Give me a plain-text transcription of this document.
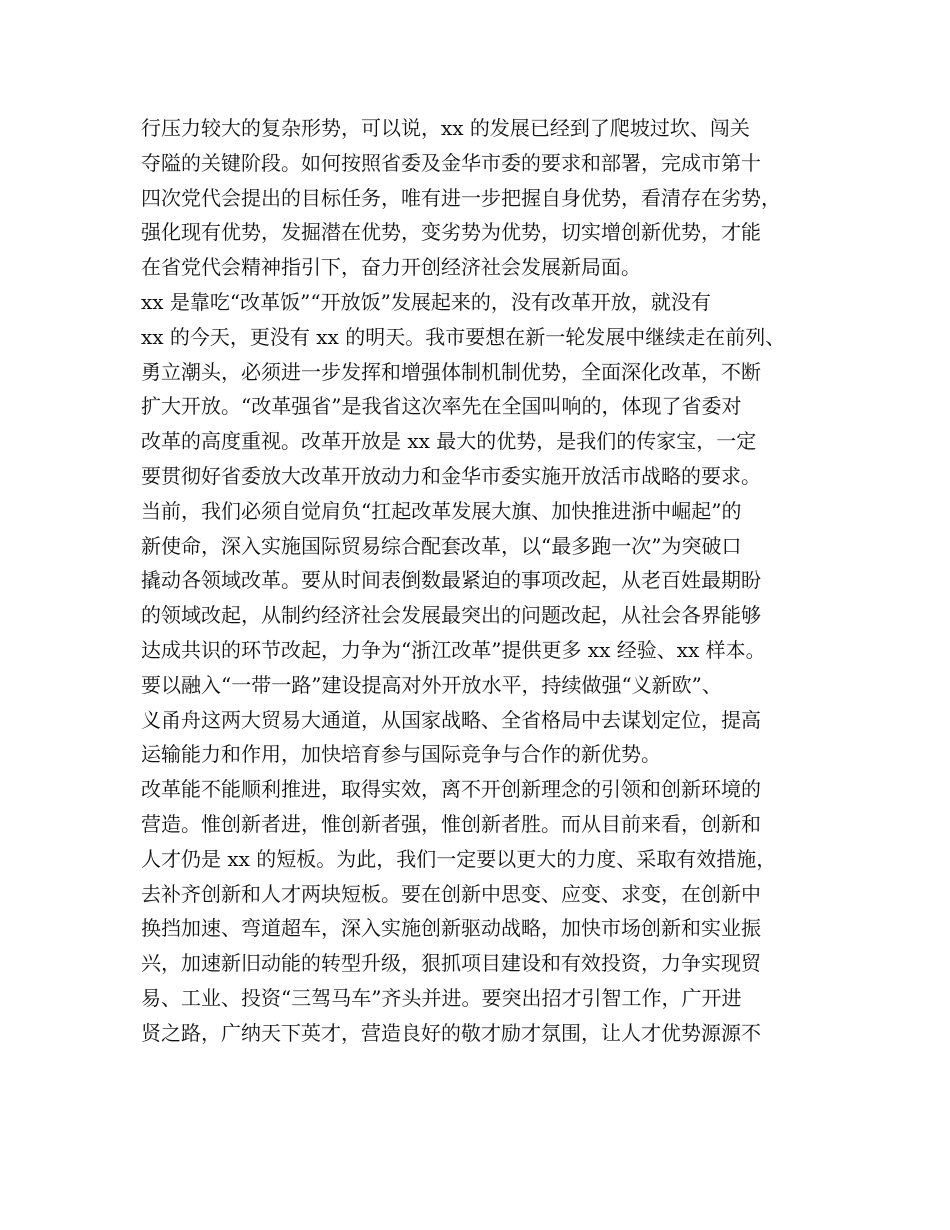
行压力较大的复杂形势，可以说，xx 的发展已经到了爬坡过坎、闯关
夺隘的关键阶段。如何按照省委及金华市委的要求和部署，完成市第十
四次党代会提出的目标任务，唯有进一步把握自身优势，看清存在劣势，
强化现有优势，发掘潜在优势，变劣势为优势，切实增创新优势，才能
在省党代会精神指引下，奋力开创经济社会发展新局面。
xx 是靠吃“改革饭”“开放饭”发展起来的，没有改革开放，就没有
xx 的今天，更没有 xx 的明天。我市要想在新一轮发展中继续走在前列、
勇立潮头，必须进一步发挥和增强体制机制优势，全面深化改革，不断
扩大开放。“改革强省”是我省这次率先在全国叫响的，体现了省委对
改革的高度重视。改革开放是 xx 最大的优势，是我们的传家宝，一定
要贯彻好省委放大改革开放动力和金华市委实施开放活市战略的要求。
当前，我们必须自觉肩负“扛起改革发展大旗、加快推进浙中崛起”的
新使命，深入实施国际贸易综合配套改革，以“最多跑一次”为突破口
撬动各领域改革。要从时间表倒数最紧迫的事项改起，从老百姓最期盼
的领域改起，从制约经济社会发展最突出的问题改起，从社会各界能够
达成共识的环节改起，力争为“浙江改革”提供更多 xx 经验、xx 样本。
要以融入“一带一路”建设提高对外开放水平，持续做强“义新欧”、
义甬舟这两大贸易大通道，从国家战略、全省格局中去谋划定位，提高
运输能力和作用，加快培育参与国际竞争与合作的新优势。
改革能不能顺利推进，取得实效，离不开创新理念的引领和创新环境的
营造。惟创新者进，惟创新者强，惟创新者胜。而从目前来看，创新和
人才仍是 xx 的短板。为此，我们一定要以更大的力度、采取有效措施，
去补齐创新和人才两块短板。要在创新中思变、应变、求变，在创新中
换挡加速、弯道超车，深入实施创新驱动战略，加快市场创新和实业振
兴，加速新旧动能的转型升级，狠抓项目建设和有效投资，力争实现贸
易、工业、投资“三驾马车”齐头并进。要突出招才引智工作，广开进
贤之路，广纳天下英才，营造良好的敬才励才氛围，让人才优势源源不
